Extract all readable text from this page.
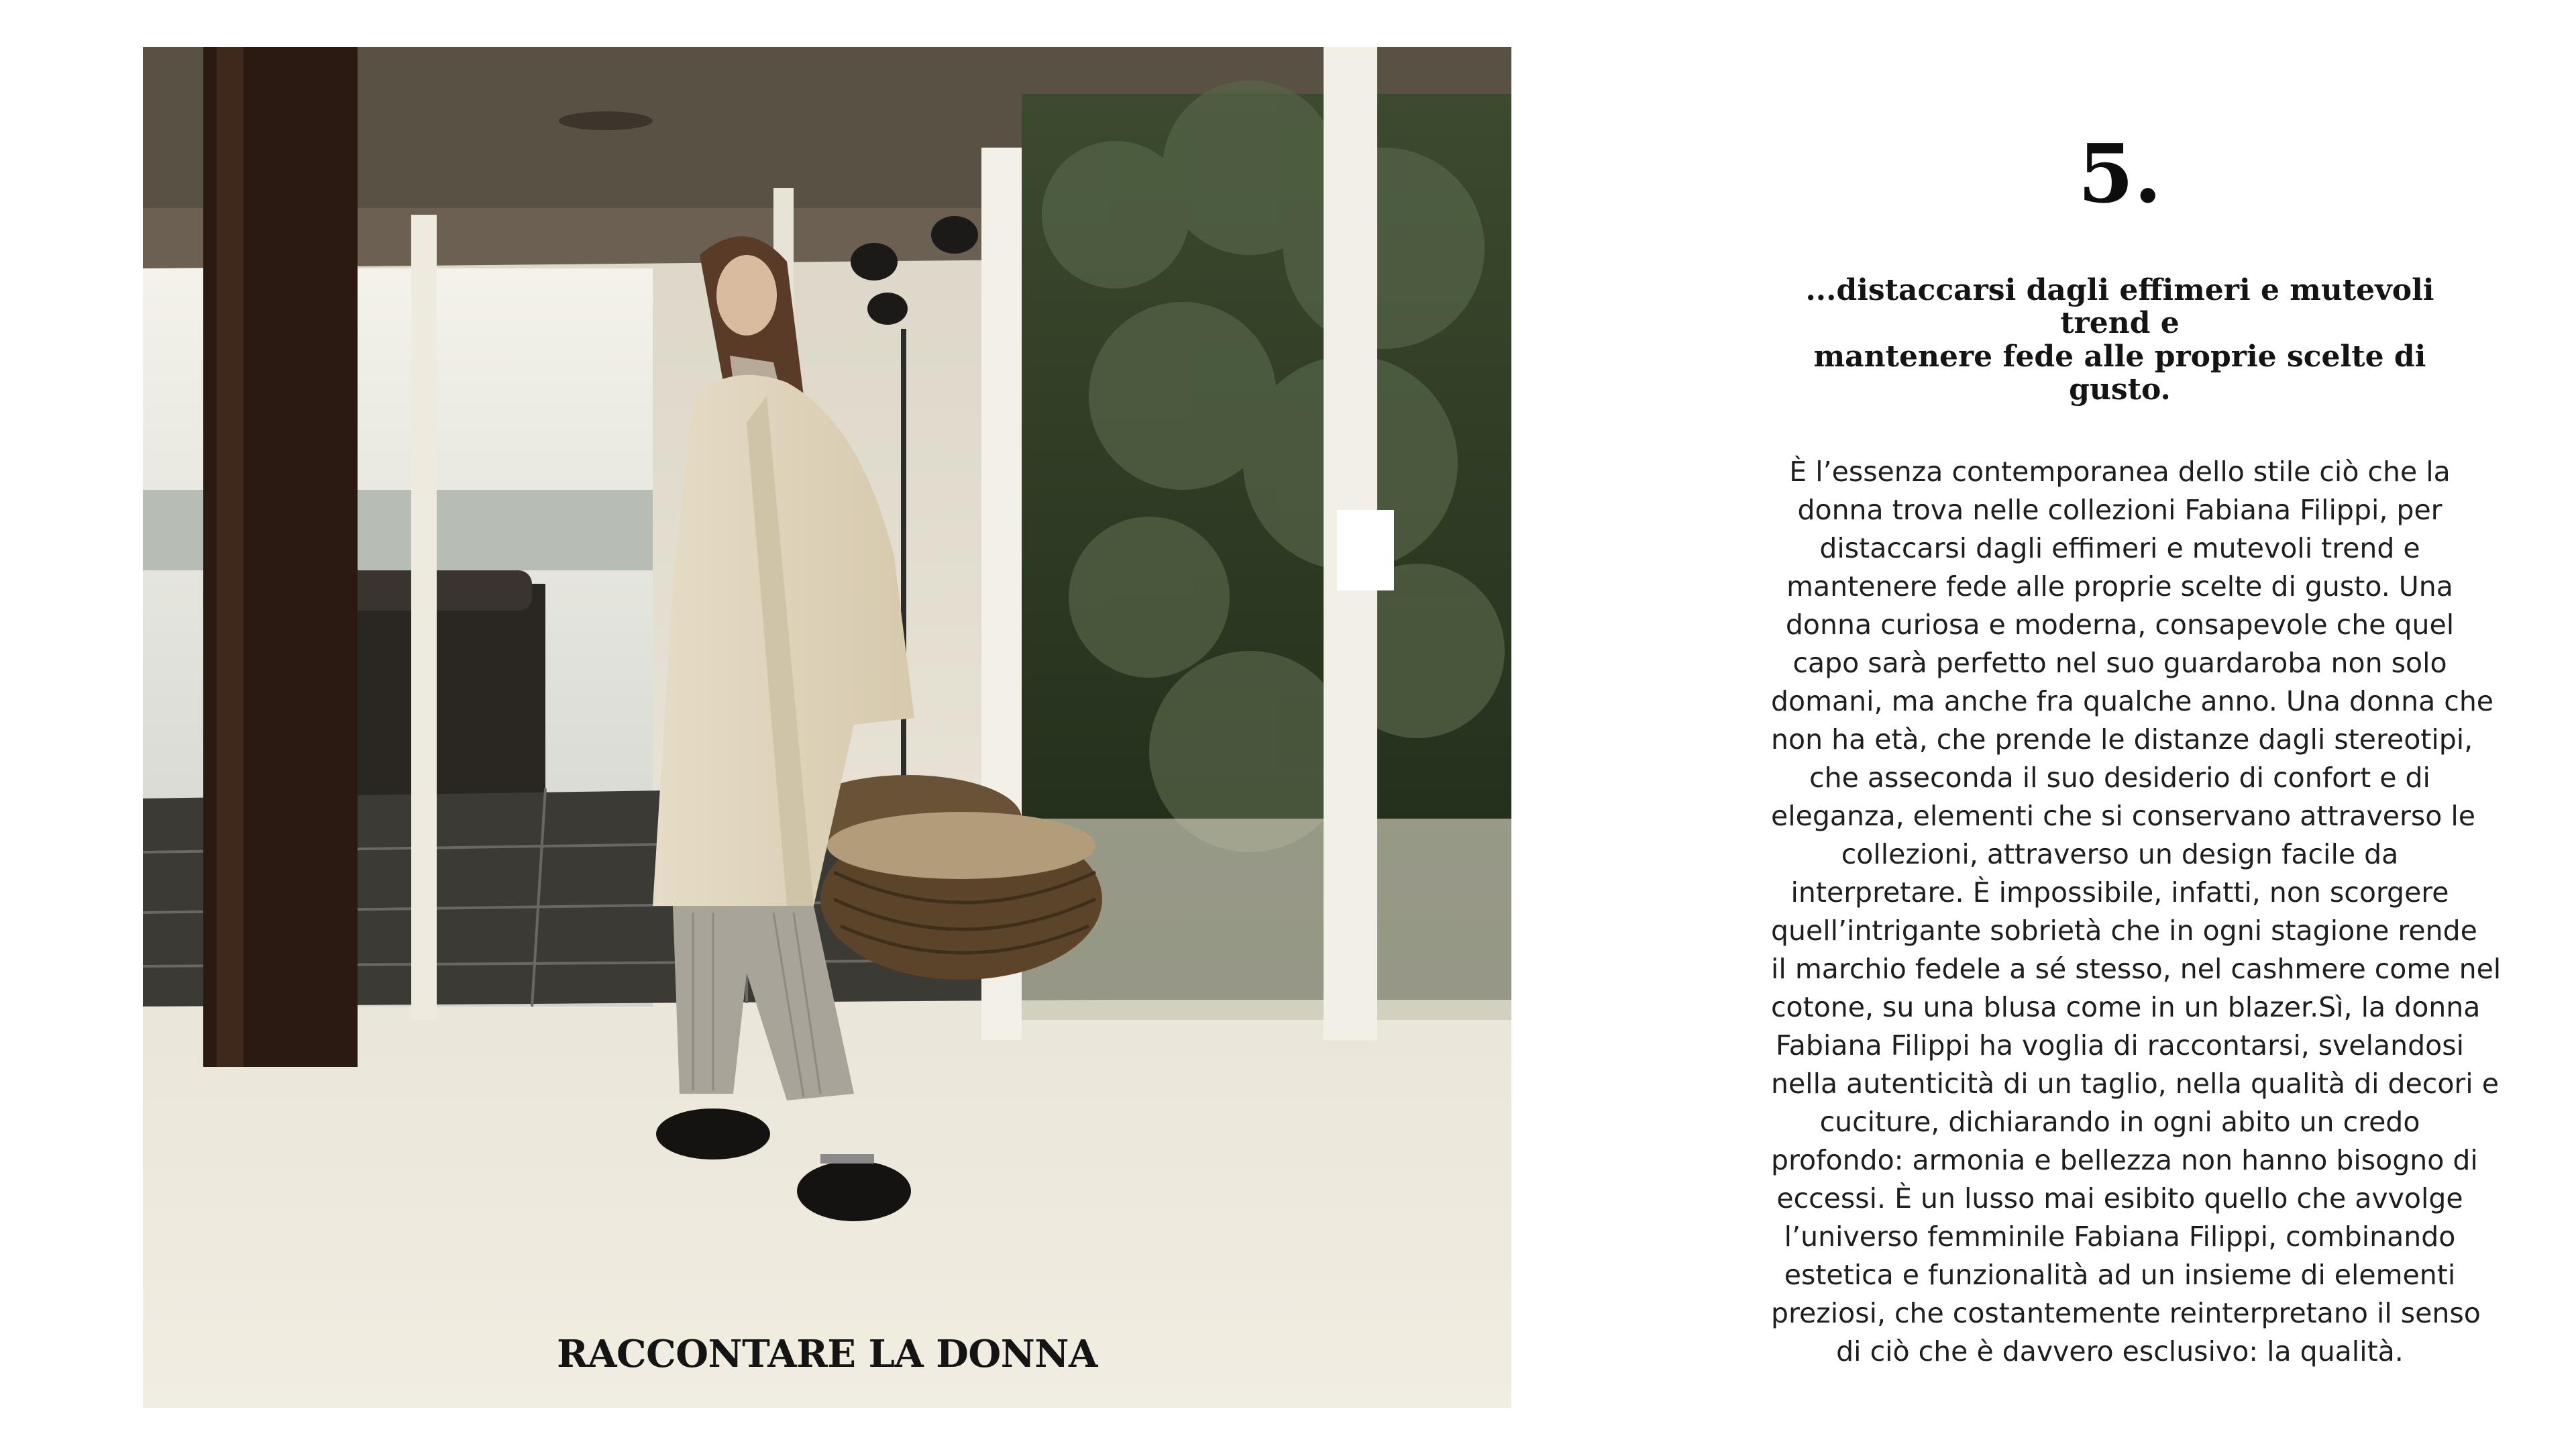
RACCONTARE LA DONNA
5.
...distaccarsi dagli effimeri e mutevoli trend e
mantenere fede alle proprie scelte di gusto.
È l’essenza contemporanea dello stile ciò che la
donna trova nelle collezioni Fabiana Filippi, per
distaccarsi dagli effimeri e mutevoli trend e
mantenere fede alle proprie scelte di gusto. Una
donna curiosa e moderna, consapevole che quel
capo sarà perfetto nel suo guardaroba non solo
domani, ma anche fra qualche anno. Una donna che
non ha età, che prende le distanze dagli stereotipi,
che asseconda il suo desiderio di confort e di
eleganza, elementi che si conservano attraverso le
collezioni, attraverso un design facile da
interpretare. È impossibile, infatti, non scorgere
quell’intrigante sobrietà che in ogni stagione rende
il marchio fedele a sé stesso, nel cashmere come nel
cotone, su una blusa come in un blazer.Sì, la donna
Fabiana Filippi ha voglia di raccontarsi, svelandosi
nella autenticità di un taglio, nella qualità di decori e
cuciture, dichiarando in ogni abito un credo
profondo: armonia e bellezza non hanno bisogno di
eccessi. È un lusso mai esibito quello che avvolge
l’universo femminile Fabiana Filippi, combinando
estetica e funzionalità ad un insieme di elementi
preziosi, che costantemente reinterpretano il senso
di ciò che è davvero esclusivo: la qualità.
